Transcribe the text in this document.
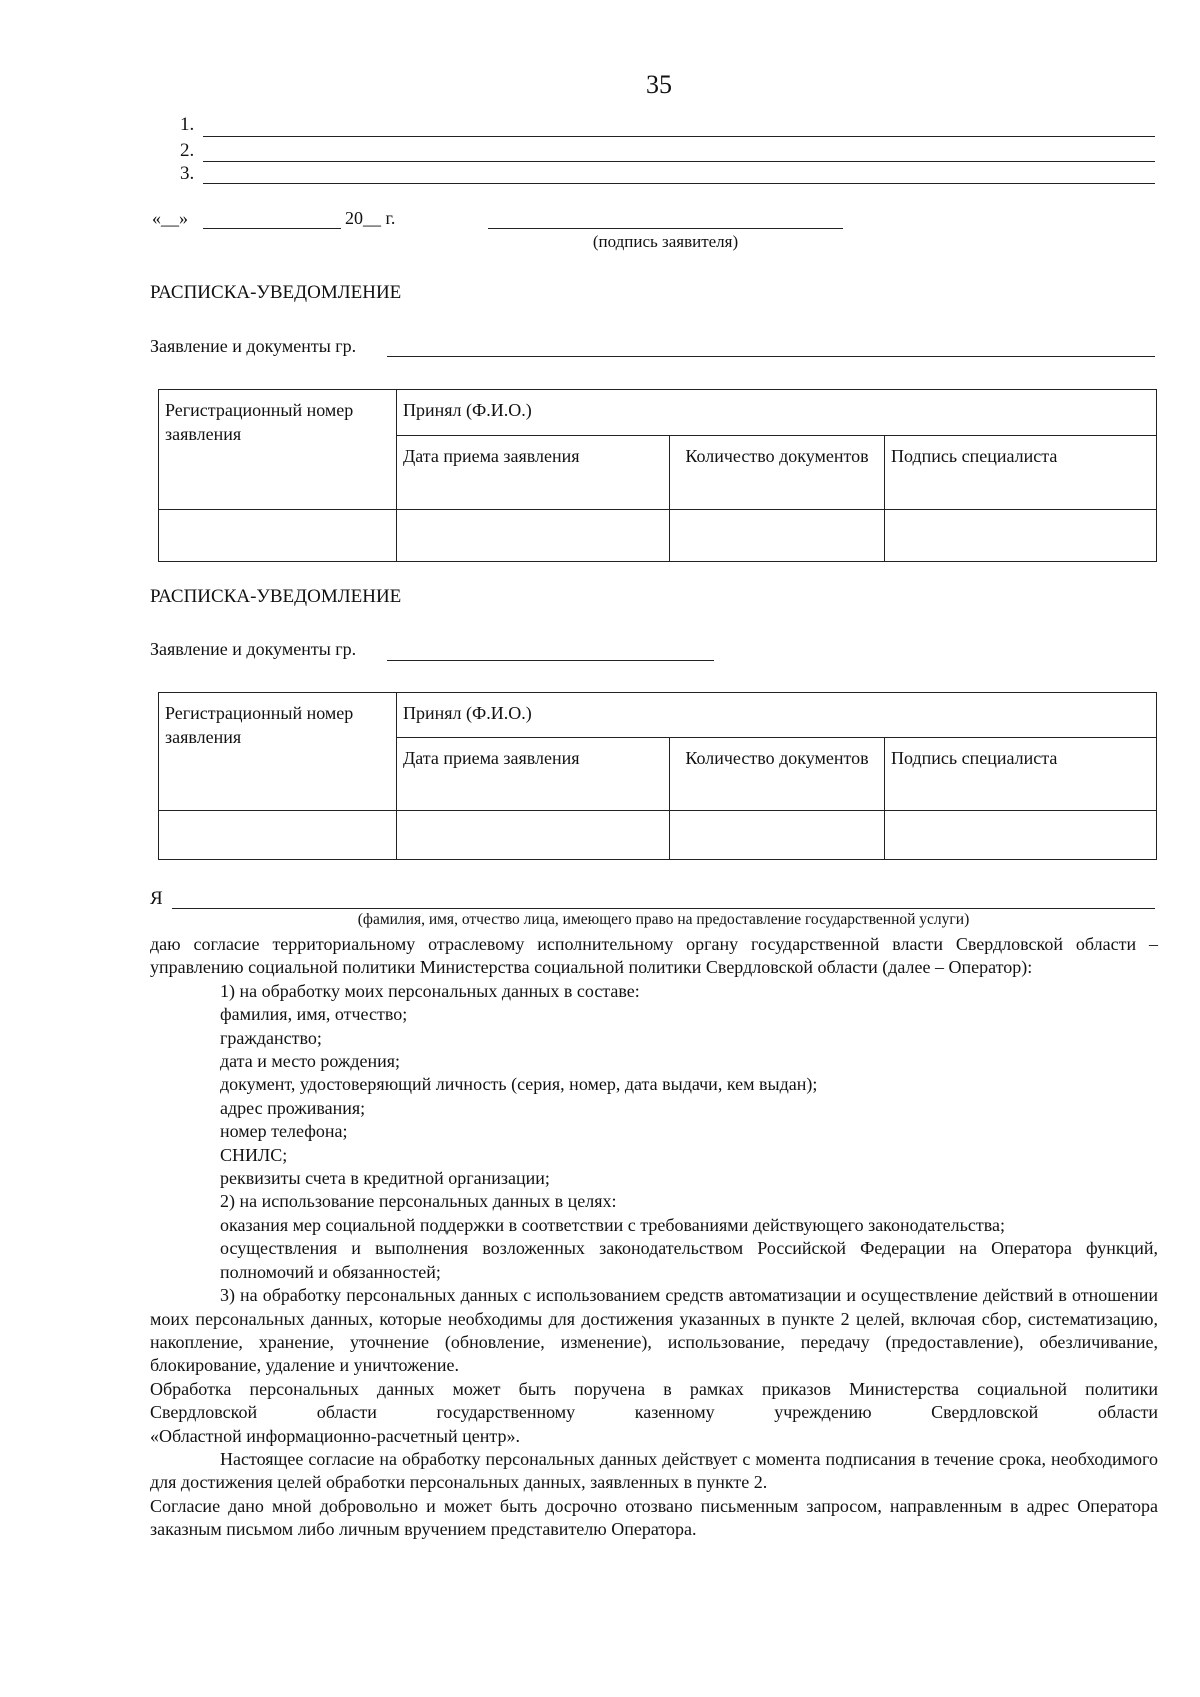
35
1.
2.
3.
«__»	20__ г.
(подпись заявителя)
РАСПИСКА-УВЕДОМЛЕНИЕ
Заявление и документы гр.
Регистрационный номер заявления	Принял (Ф.И.О.)		
	Дата приема заявления	Количество документов	Подпись специалиста

РАСПИСКА-УВЕДОМЛЕНИЕ
Заявление и документы гр.
Регистрационный номер заявления	Принял (Ф.И.О.)		
	Дата приема заявления	Количество документов	Подпись специалиста

Я
(фамилия, имя, отчество лица, имеющего право на предоставление государственной услуги)

даю согласие территориальному отраслевому исполнительному органу государственной власти Свердловской области – управлению социальной политики Министерства социальной политики Свердловской области (далее – Оператор):

1) на обработку моих персональных данных в составе:

фамилия, имя, отчество;

гражданство;

дата и место рождения;

документ, удостоверяющий личность (серия, номер, дата выдачи, кем выдан);

адрес проживания;

номер телефона;

СНИЛС;

реквизиты счета в кредитной организации;

2) на использование персональных данных в целях:

оказания мер социальной поддержки в соответствии с требованиями действующего законодательства;

осуществления и выполнения возложенных законодательством Российской Федерации на Оператора функций, полномочий и обязанностей;

3) на обработку персональных данных с использованием средств автоматизации и осуществление действий в отношении моих персональных данных, которые необходимы для достижения указанных в пункте 2 целей, включая сбор, систематизацию, накопление, хранение, уточнение (обновление, изменение), использование, передачу (предоставление), обезличивание, блокирование, удаление и уничтожение.

Обработка персональных данных может быть поручена в рамках приказов Министерства социальной политики

Свердловской области государственному казенному учреждению Свердловской области

«Областной информационно-расчетный центр».

Настоящее согласие на обработку персональных данных действует с момента подписания в течение срока, необходимого для достижения целей обработки персональных данных, заявленных в пункте 2.

Согласие дано мной добровольно и может быть досрочно отозвано письменным запросом, направленным в адрес Оператора заказным письмом либо личным вручением представителю Оператора.
